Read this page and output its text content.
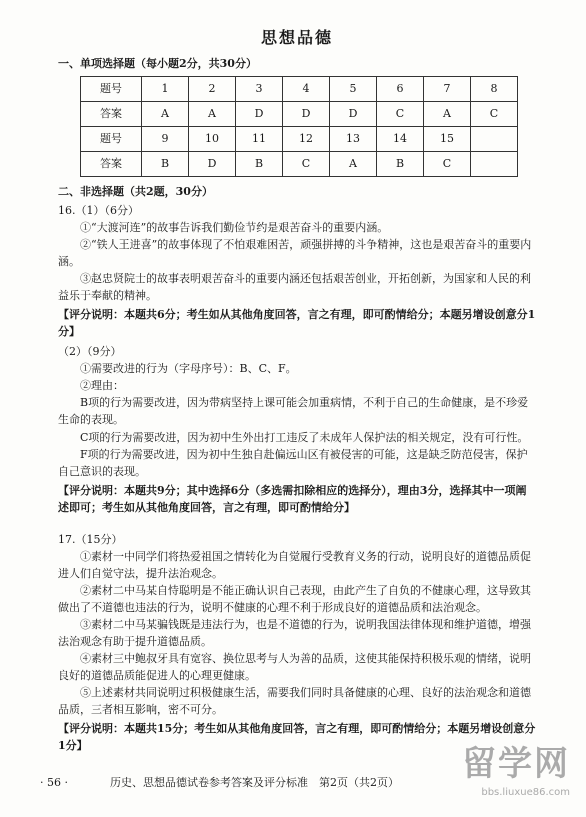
思想品德
一、单项选择题（每小题2分，共30分）
题号	1	2	3	4	5	6	7	8
答案	A	A	D	D	D	C	A	C
题号	9	10	11	12	13	14	15	
答案	B	D	B	C	A	B	C	
二、非选择题（共2题，30分）

16.（1）（6分）

①“大渡河连”的故事告诉我们勤俭节约是艰苦奋斗的重要内涵。

②“铁人王进喜”的故事体现了不怕艰难困苦，顽强拼搏的斗争精神，这也是艰苦奋斗的重要内涵。

③赵忠贤院士的故事表明艰苦奋斗的重要内涵还包括艰苦创业，开拓创新，为国家和人民的利益乐于奉献的精神。

【评分说明：本题共6分；考生如从其他角度回答，言之有理，即可酌情给分；本题另增设创意分1分】

（2）（9分）

①需要改进的行为（字母序号）：B、C、F。

②理由：

B项的行为需要改进，因为带病坚持上课可能会加重病情，不利于自己的生命健康，是不珍爱生命的表现。

C项的行为需要改进，因为初中生外出打工违反了未成年人保护法的相关规定，没有可行性。

F项的行为需要改进，因为初中生独自赴偏远山区有被侵害的可能，这是缺乏防范侵害，保护自己意识的表现。

【评分说明：本题共9分；其中选择6分（多选需扣除相应的选择分），理由3分，选择其中一项阐述即可；考生如从其他角度回答，言之有理，即可酌情给分】

17.（15分）

①素材一中同学们将热爱祖国之情转化为自觉履行受教育义务的行动，说明良好的道德品质促进人们自觉守法，提升法治观念。

②素材二中马某自恃聪明是不能正确认识自己表现，由此产生了自负的不健康心理，这导致其做出了不道德也违法的行为，说明不健康的心理不利于形成良好的道德品质和法治观念。

③素材二中马某骗钱既是违法行为，也是不道德的行为，说明我国法律体现和维护道德，增强法治观念有助于提升道德品质。

④素材三中鲍叔牙具有宽容、换位思考与人为善的品质，这使其能保持积极乐观的情绪，说明良好的道德品质能促进人的心理更健康。

⑤上述素材共同说明过积极健康生活，需要我们同时具备健康的心理、良好的法治观念和道德品质，三者相互影响，密不可分。

【评分说明：本题共15分；考生如从其他角度回答，言之有理，即可酌情给分；本题另增设创意分1分】
· 56 ·	历史、思想品德试卷参考答案及评分标准　第2页（共2页） 留学网
bbs.liuxue86.com
